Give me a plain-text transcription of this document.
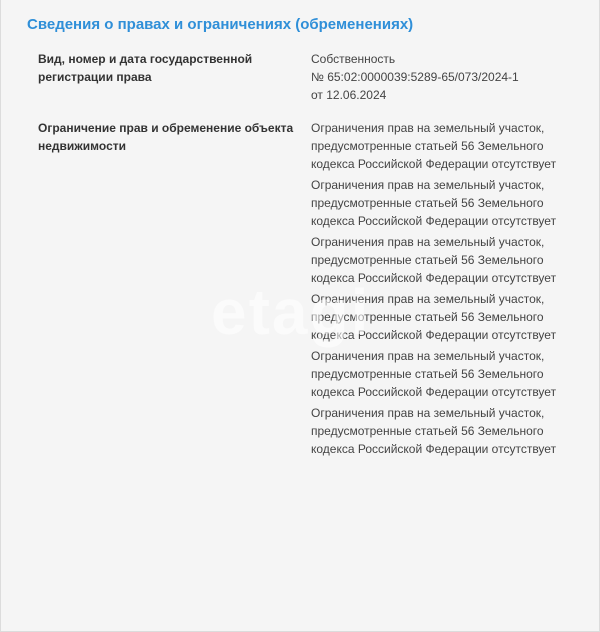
Сведения о правах и ограничениях (обременениях)
Вид, номер и дата государственной регистрации права
Собственность
№ 65:02:0000039:5289-65/073/2024-1
от 12.06.2024
Ограничение прав и обременение объекта недвижимости

Ограничения прав на земельный участок, предусмотренные статьей 56 Земельного кодекса Российской Федерации отсутствует

Ограничения прав на земельный участок, предусмотренные статьей 56 Земельного кодекса Российской Федерации отсутствует

Ограничения прав на земельный участок, предусмотренные статьей 56 Земельного кодекса Российской Федерации отсутствует

Ограничения прав на земельный участок, предусмотренные статьей 56 Земельного кодекса Российской Федерации отсутствует

Ограничения прав на земельный участок, предусмотренные статьей 56 Земельного кодекса Российской Федерации отсутствует

Ограничения прав на земельный участок, предусмотренные статьей 56 Земельного кодекса Российской Федерации отсутствует

etagi
